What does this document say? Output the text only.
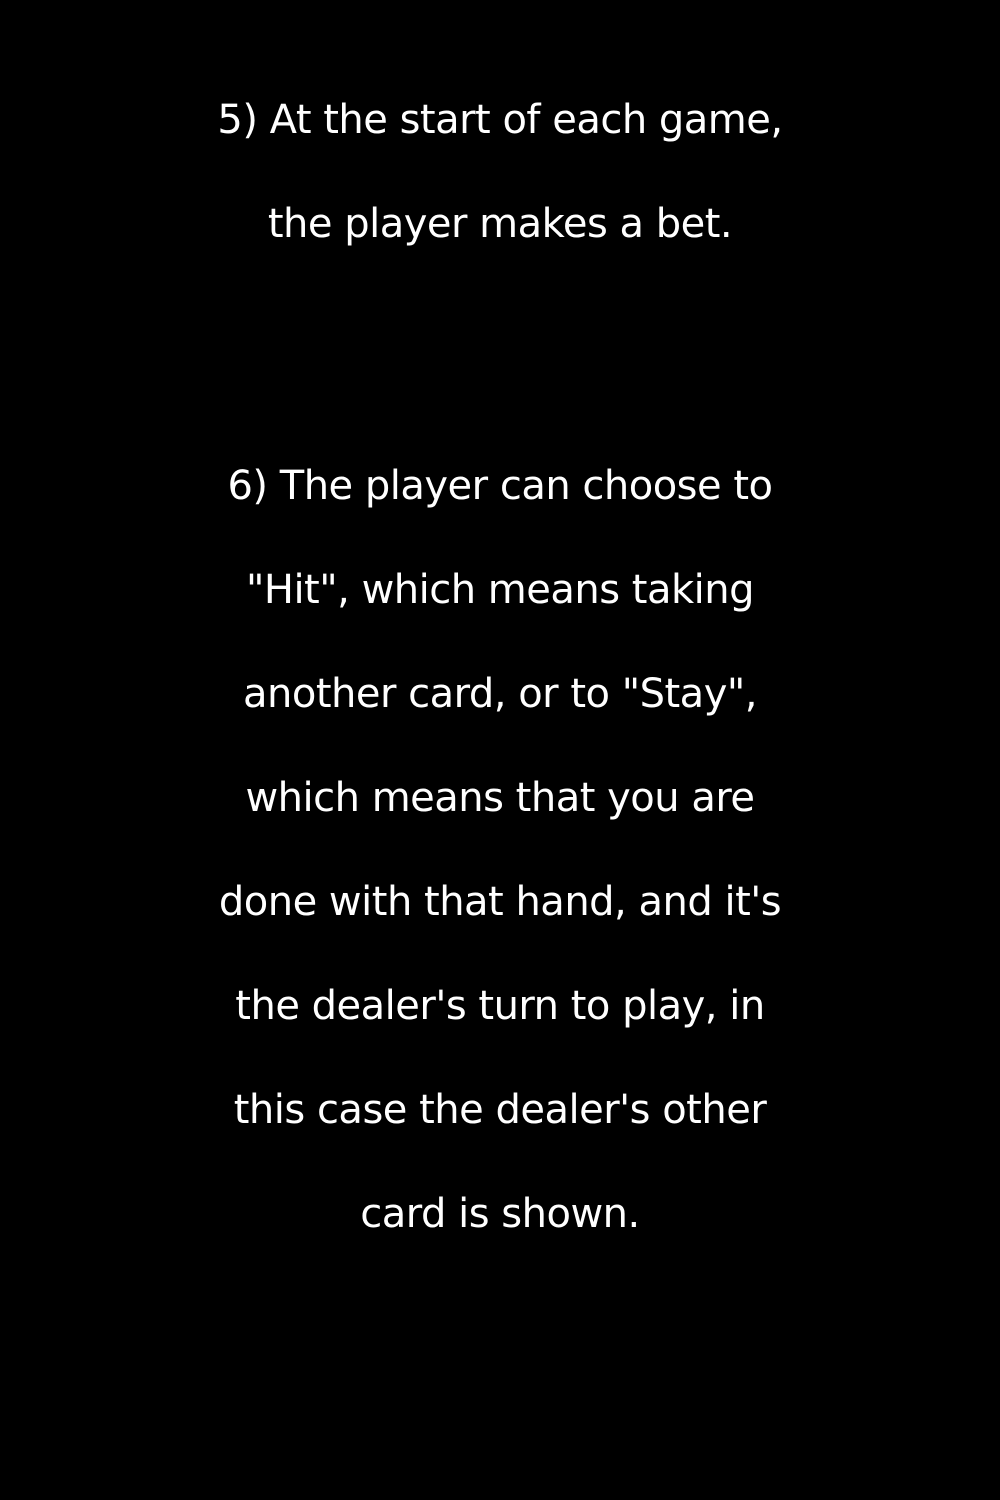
5) At the start of each game,
the player makes a bet.
6) The player can choose to
"Hit", which means taking
another card, or to "Stay",
which means that you are
done with that hand, and it's
the dealer's turn to play, in
this case the dealer's other
card is shown.
